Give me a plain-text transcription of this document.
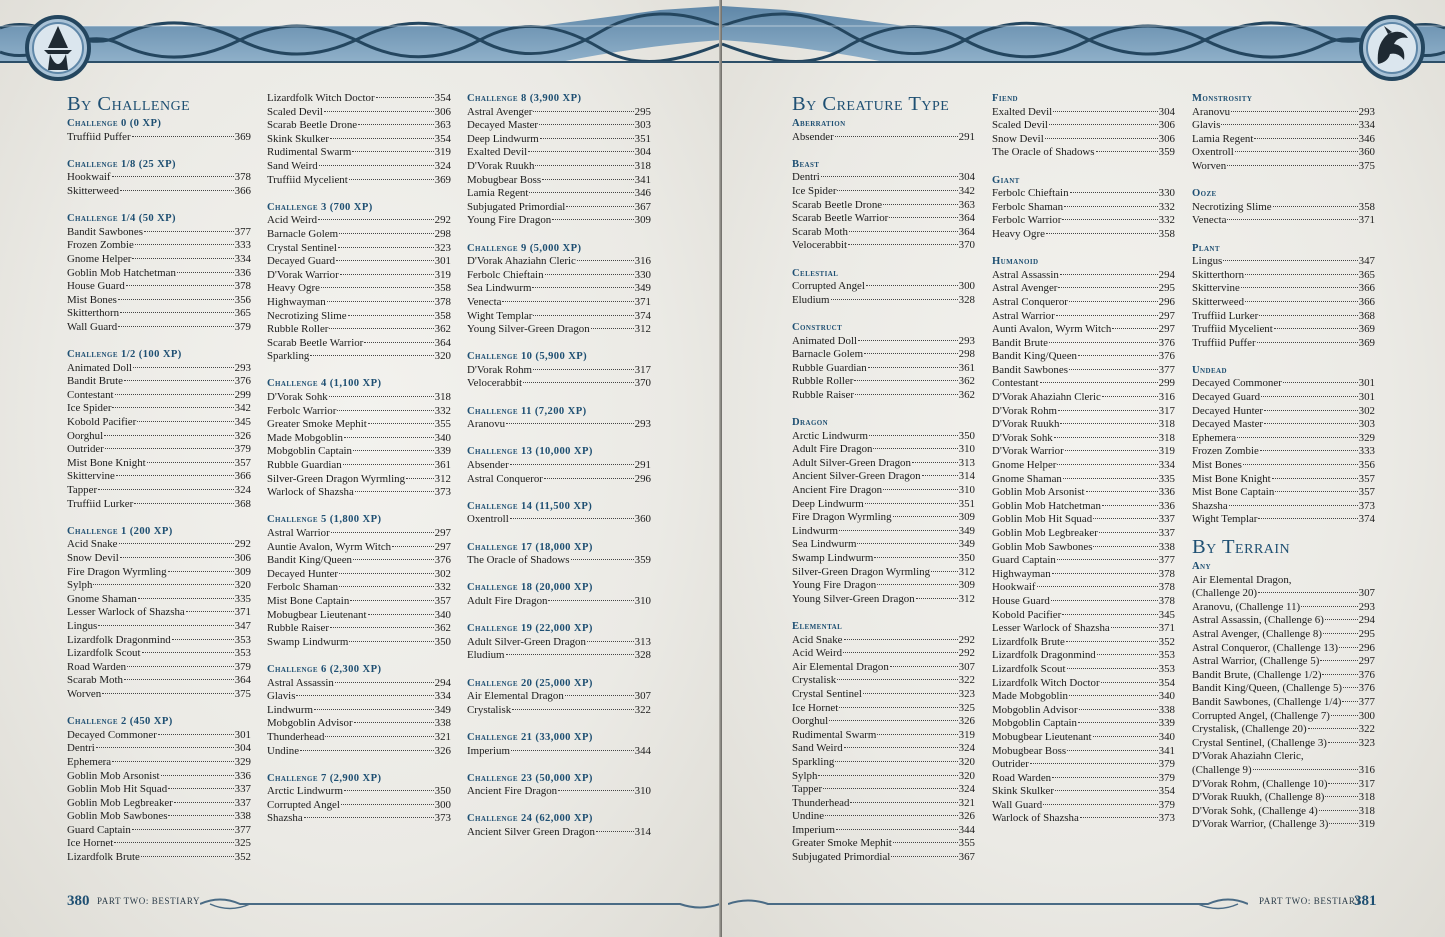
By Challenge
Challenge 0 (0 XP)
Truffiid Puffer	369
Challenge 1/8 (25 XP)
Hookwaif	378
Skitterweed	366
Challenge 1/4 (50 XP)
Bandit Sawbones	377
Frozen Zombie	333
Gnome Helper	334
Goblin Mob Hatchetman	336
House Guard	378
Mist Bones	356
Skitterthorn	365
Wall Guard	379
Challenge 1/2 (100 XP)
Animated Doll	293
Bandit Brute	376
Contestant	299
Ice Spider	342
Kobold Pacifier	345
Oorghul	326
Outrider	379
Mist Bone Knight	357
Skittervine	366
Tapper	324
Truffiid Lurker	368
Challenge 1 (200 XP)
Acid Snake	292
Snow Devil	306
Fire Dragon Wyrmling	309
Sylph	320
Gnome Shaman	335
Lesser Warlock of Shazsha	371
Lingus	347
Lizardfolk Dragonmind	353
Lizardfolk Scout	353
Road Warden	379
Scarab Moth	364
Worven	375
Challenge 2 (450 XP)
Decayed Commoner	301
Dentri	304
Ephemera	329
Goblin Mob Arsonist	336
Goblin Mob Hit Squad	337
Goblin Mob Legbreaker	337
Goblin Mob Sawbones	338
Guard Captain	377
Ice Hornet	325
Lizardfolk Brute	352
Lizardfolk Witch Doctor	354
Scaled Devil	306
Scarab Beetle Drone	363
Skink Skulker	354
Rudimental Swarm	319
Sand Weird	324
Truffiid Mycelient	369
Challenge 3 (700 XP)
Acid Weird	292
Barnacle Golem	298
Crystal Sentinel	323
Decayed Guard	301
D'Vorak Warrior	319
Heavy Ogre	358
Highwayman	378
Necrotizing Slime	358
Rubble Roller	362
Scarab Beetle Warrior	364
Sparkling	320
Challenge 4 (1,100 XP)
D'Vorak Sohk	318
Ferbolc Warrior	332
Greater Smoke Mephit	355
Made Mobgoblin	340
Mobgoblin Captain	339
Rubble Guardian	361
Silver-Green Dragon Wyrmling	312
Warlock of Shazsha	373
Challenge 5 (1,800 XP)
Astral Warrior	297
Auntie Avalon, Wyrm Witch	297
Bandit King/Queen	376
Decayed Hunter	302
Ferbolc Shaman	332
Mist Bone Captain	357
Mobugbear Lieutenant	340
Rubble Raiser	362
Swamp Lindwurm	350
Challenge 6 (2,300 XP)
Astral Assassin	294
Glavis	334
Lindwurm	349
Mobgoblin Advisor	338
Thunderhead	321
Undine	326
Challenge 7 (2,900 XP)
Arctic Lindwurm	350
Corrupted Angel	300
Shazsha	373
Challenge 8 (3,900 XP)
Astral Avenger	295
Decayed Master	303
Deep Lindwurm	351
Exalted Devil	304
D'Vorak Ruukh	318
Mobugbear Boss	341
Lamia Regent	346
Subjugated Primordial	367
Young Fire Dragon	309
Challenge 9 (5,000 XP)
D'Vorak Ahaziahn Cleric	316
Ferbolc Chieftain	330
Sea Lindwurm	349
Venecta	371
Wight Templar	374
Young Silver-Green Dragon	312
Challenge 10 (5,900 XP)
D'Vorak Rohm	317
Velocerabbit	370
Challenge 11 (7,200 XP)
Aranovu	293
Challenge 13 (10,000 XP)
Absender	291
Astral Conqueror	296
Challenge 14 (11,500 XP)
Oxentroll	360
Challenge 17 (18,000 XP)
The Oracle of Shadows	359
Challenge 18 (20,000 XP)
Adult Fire Dragon	310
Challenge 19 (22,000 XP)
Adult Silver-Green Dragon	313
Eludium	328
Challenge 20 (25,000 XP)
Air Elemental Dragon	307
Crystalisk	322
Challenge 21 (33,000 XP)
Imperium	344
Challenge 23 (50,000 XP)
Ancient Fire Dragon	310
Challenge 24 (62,000 XP)
Ancient Silver Green Dragon	314
380 PART TWO: BESTIARY
By Creature Type
Aberration
Absender	291
Beast
Dentri	304
Ice Spider	342
Scarab Beetle Drone	363
Scarab Beetle Warrior	364
Scarab Moth	364
Velocerabbit	370
Celestial
Corrupted Angel	300
Eludium	328
Construct
Animated Doll	293
Barnacle Golem	298
Rubble Guardian	361
Rubble Roller	362
Rubble Raiser	362
Dragon
Arctic Lindwurm	350
Adult Fire Dragon	310
Adult Silver-Green Dragon	313
Ancient Silver-Green Dragon	314
Ancient Fire Dragon	310
Deep Lindwurm	351
Fire Dragon Wyrmling	309
Lindwurm	349
Sea Lindwurm	349
Swamp Lindwurm	350
Silver-Green Dragon Wyrmling	312
Young Fire Dragon	309
Young Silver-Green Dragon	312
Elemental
Acid Snake	292
Acid Weird	292
Air Elemental Dragon	307
Crystalisk	322
Crystal Sentinel	323
Ice Hornet	325
Oorghul	326
Rudimental Swarm	319
Sand Weird	324
Sparkling	320
Sylph	320
Tapper	324
Thunderhead	321
Undine	326
Imperium	344
Greater Smoke Mephit	355
Subjugated Primordial	367
Fiend
Exalted Devil	304
Scaled Devil	306
Snow Devil	306
The Oracle of Shadows	359
Giant
Ferbolc Chieftain	330
Ferbolc Shaman	332
Ferbolc Warrior	332
Heavy Ogre	358
Humanoid
Astral Assassin	294
Astral Avenger	295
Astral Conqueror	296
Astral Warrior	297
Aunti Avalon, Wyrm Witch	297
Bandit Brute	376
Bandit King/Queen	376
Bandit Sawbones	377
Contestant	299
D'Vorak Ahaziahn Cleric	316
D'Vorak Rohm	317
D'Vorak Ruukh	318
D'Vorak Sohk	318
D'Vorak Warrior	319
Gnome Helper	334
Gnome Shaman	335
Goblin Mob Arsonist	336
Goblin Mob Hatchetman	336
Goblin Mob Hit Squad	337
Goblin Mob Legbreaker	337
Goblin Mob Sawbones	338
Guard Captain	377
Highwayman	378
Hookwaif	378
House Guard	378
Kobold Pacifier	345
Lesser Warlock of Shazsha	371
Lizardfolk Brute	352
Lizardfolk Dragonmind	353
Lizardfolk Scout	353
Lizardfolk Witch Doctor	354
Made Mobgoblin	340
Mobgoblin Advisor	338
Mobgoblin Captain	339
Mobugbear Lieutenant	340
Mobugbear Boss	341
Outrider	379
Road Warden	379
Skink Skulker	354
Wall Guard	379
Warlock of Shazsha	373
Monstrosity
Aranovu	293
Glavis	334
Lamia Regent	346
Oxentroll	360
Worven	375
Ooze
Necrotizing Slime	358
Venecta	371
Plant
Lingus	347
Skitterthorn	365
Skittervine	366
Skitterweed	366
Truffiid Lurker	368
Truffiid Mycelient	369
Truffiid Puffer	369
Undead
Decayed Commoner	301
Decayed Guard	301
Decayed Hunter	302
Decayed Master	303
Ephemera	329
Frozen Zombie	333
Mist Bones	356
Mist Bone Knight	357
Mist Bone Captain	357
Shazsha	373
Wight Templar	374
By Terrain
Any
Air Elemental Dragon,
(Challenge 20)	307
Aranovu, (Challenge 11)	293
Astral Assassin, (Challenge 6)	294
Astral Avenger, (Challenge 8)	295
Astral Conqueror, (Challenge 13) 296
Astral Warrior, (Challenge 5)	297
Bandit Brute, (Challenge 1/2)	376
Bandit King/Queen, (Challenge 5) 376
Bandit Sawbones, (Challenge 1/4) 377
Corrupted Angel, (Challenge 7)	300
Crystalisk, (Challenge 20)	322
Crystal Sentinel, (Challenge 3)	323
D'Vorak Ahaziahn Cleric,
(Challenge 9)	316
D'Vorak Rohm, (Challenge 10)	317
D'Vorak Ruukh, (Challenge 8)	318
D'Vorak Sohk, (Challenge 4)	318
D'Vorak Warrior, (Challenge 3)	319
PART TWO: BESTIARY
381
